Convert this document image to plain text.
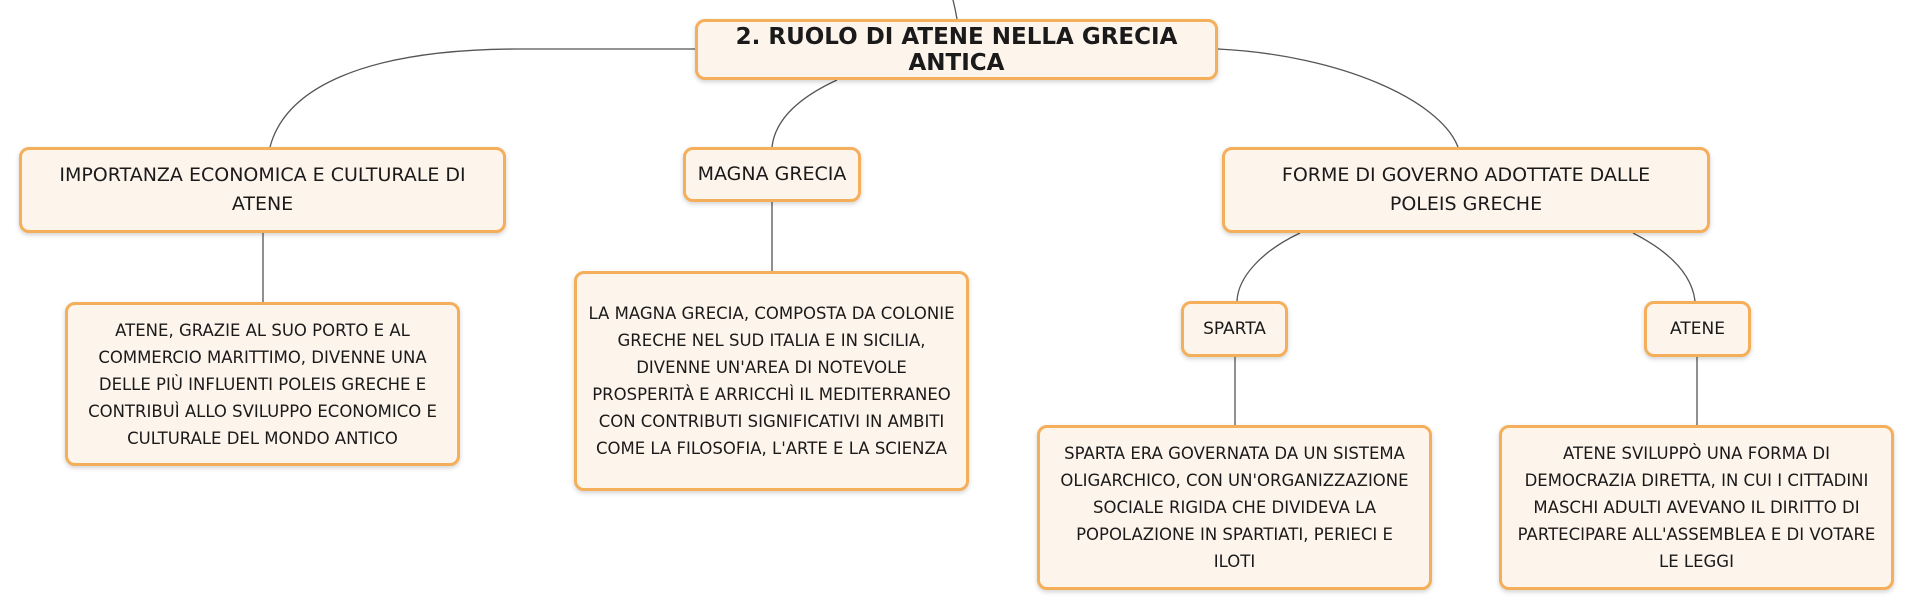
2. RUOLO DI ATENE NELLA GRECIA ANTICA
IMPORTANZA ECONOMICA E CULTURALE DI ATENE
MAGNA GRECIA	FORME DI GOVERNO ADOTTATE DALLE POLEIS GRECHE
ATENE, GRAZIE AL SUO PORTO E AL COMMERCIO MARITTIMO, DIVENNE UNA DELLE PIÙ INFLUENTI POLEIS GRECHE E CONTRIBUÌ ALLO SVILUPPO ECONOMICO E CULTURALE DEL MONDO ANTICO
LA MAGNA GRECIA, COMPOSTA DA COLONIE GRECHE NEL SUD ITALIA E IN SICILIA, DIVENNE UN'AREA DI NOTEVOLE PROSPERITÀ E ARRICCHÌ IL MEDITERRANEO CON CONTRIBUTI SIGNIFICATIVI IN AMBITI COME LA FILOSOFIA, L'ARTE E LA SCIENZA
SPARTA	ATENE
SPARTA ERA GOVERNATA DA UN SISTEMA OLIGARCHICO, CON UN'ORGANIZZAZIONE SOCIALE RIGIDA CHE DIVIDEVA LA POPOLAZIONE IN SPARTIATI, PERIECI E ILOTI
ATENE SVILUPPÒ UNA FORMA DI DEMOCRAZIA DIRETTA, IN CUI I CITTADINI MASCHI ADULTI AVEVANO IL DIRITTO DI PARTECIPARE ALL'ASSEMBLEA E DI VOTARE LE LEGGI
